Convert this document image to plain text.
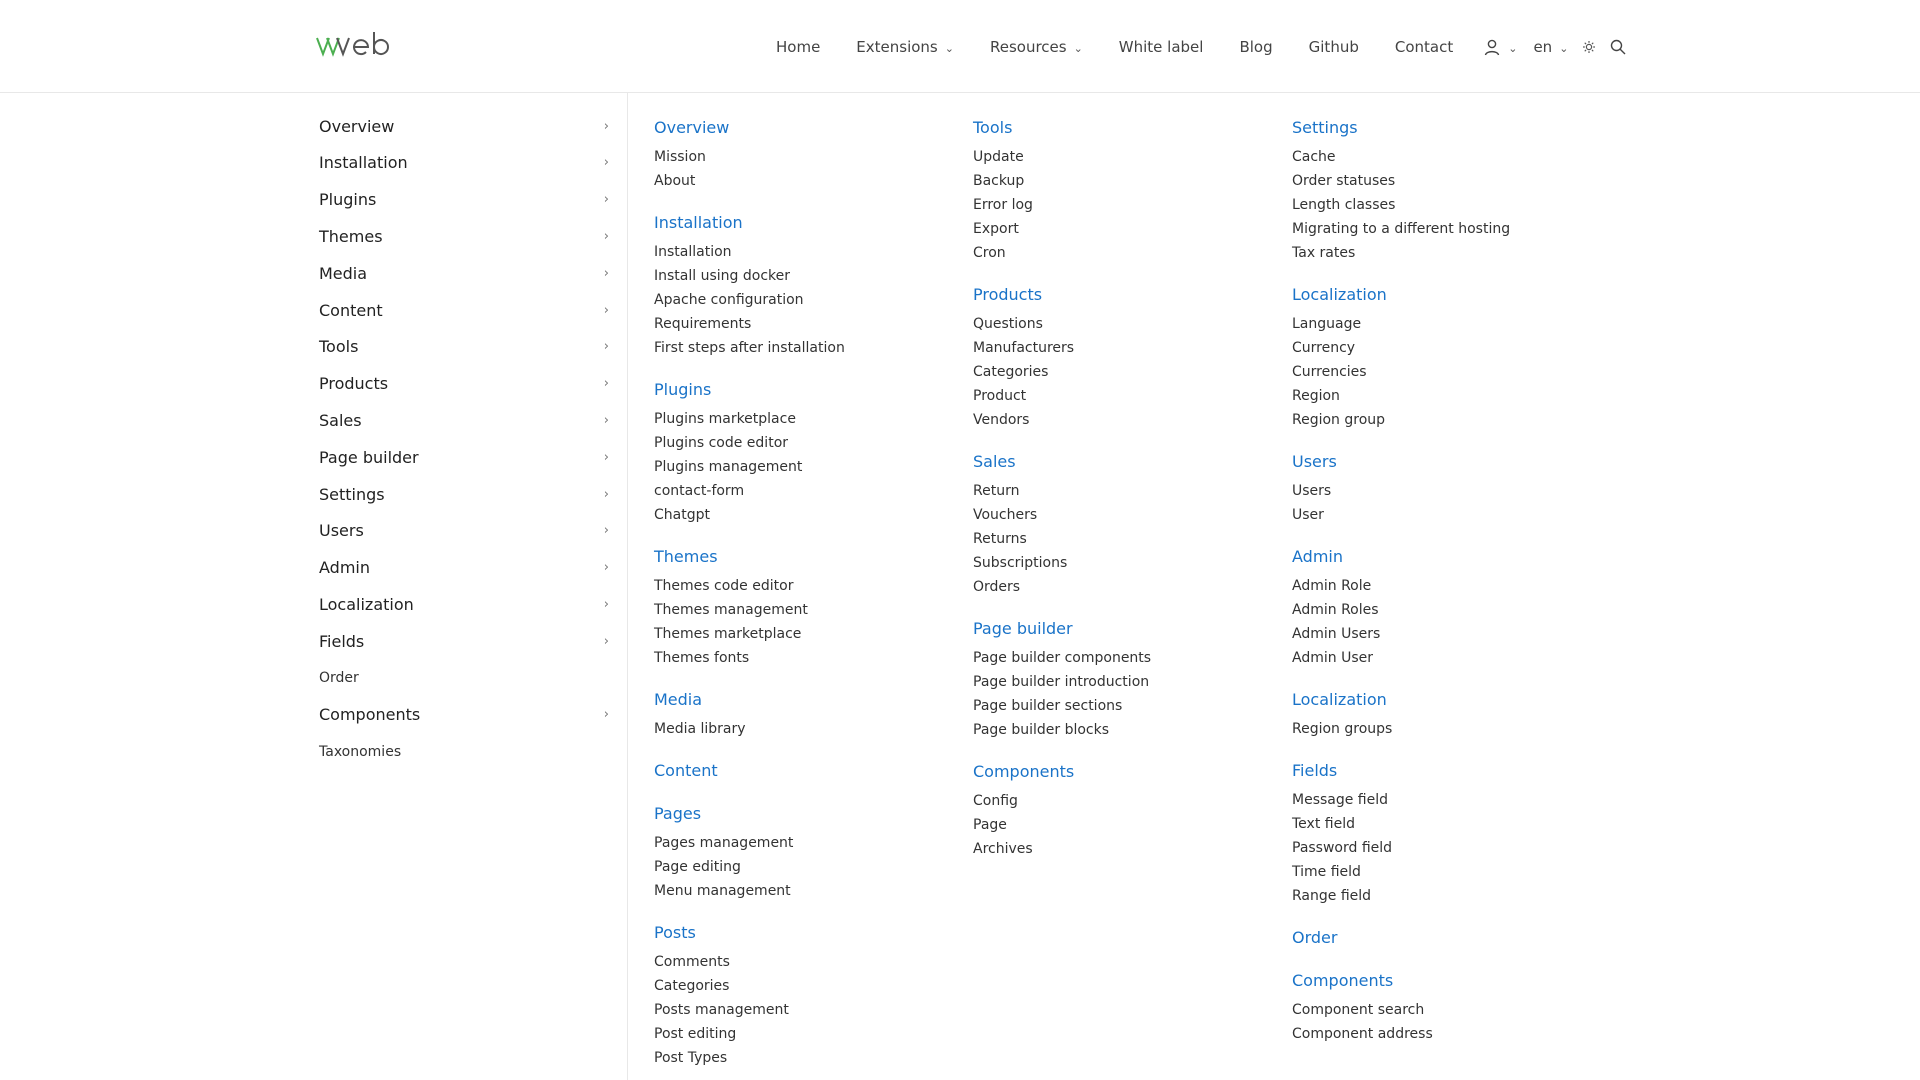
Home Extensions ⌄ Resources ⌄ White label Blog Github Contact	⌄ en ⌄
Overview	›
Installation	›
Plugins	›
Themes	›
Media	›
Content	›
Tools	›
Products	›
Sales	›
Page builder	›
Settings	›
Users	›
Admin	›
Localization	›
Fields	›
Order
Components	›
Taxonomies
Overview
Mission
About
Installation
Installation
Install using docker
Apache configuration
Requirements
First steps after installation
Plugins
Plugins marketplace
Plugins code editor
Plugins management
contact-form
Chatgpt
Themes
Themes code editor
Themes management
Themes marketplace
Themes fonts
Media
Media library
Content
Pages
Pages management
Page editing
Menu management
Posts
Comments
Categories
Posts management
Post editing
Post Types
Tools
Update
Backup
Error log
Export
Cron
Products
Questions
Manufacturers
Categories
Product
Vendors
Sales
Return
Vouchers
Returns
Subscriptions
Orders
Page builder
Page builder components
Page builder introduction
Page builder sections
Page builder blocks
Components
Config
Page
Archives
Settings
Cache
Order statuses
Length classes
Migrating to a different hosting
Tax rates
Localization
Language
Currency
Currencies
Region
Region group
Users
Users
User
Admin
Admin Role
Admin Roles
Admin Users
Admin User
Localization
Region groups
Fields
Message field
Text field
Password field
Time field
Range field
Order
Components
Component search
Component address
